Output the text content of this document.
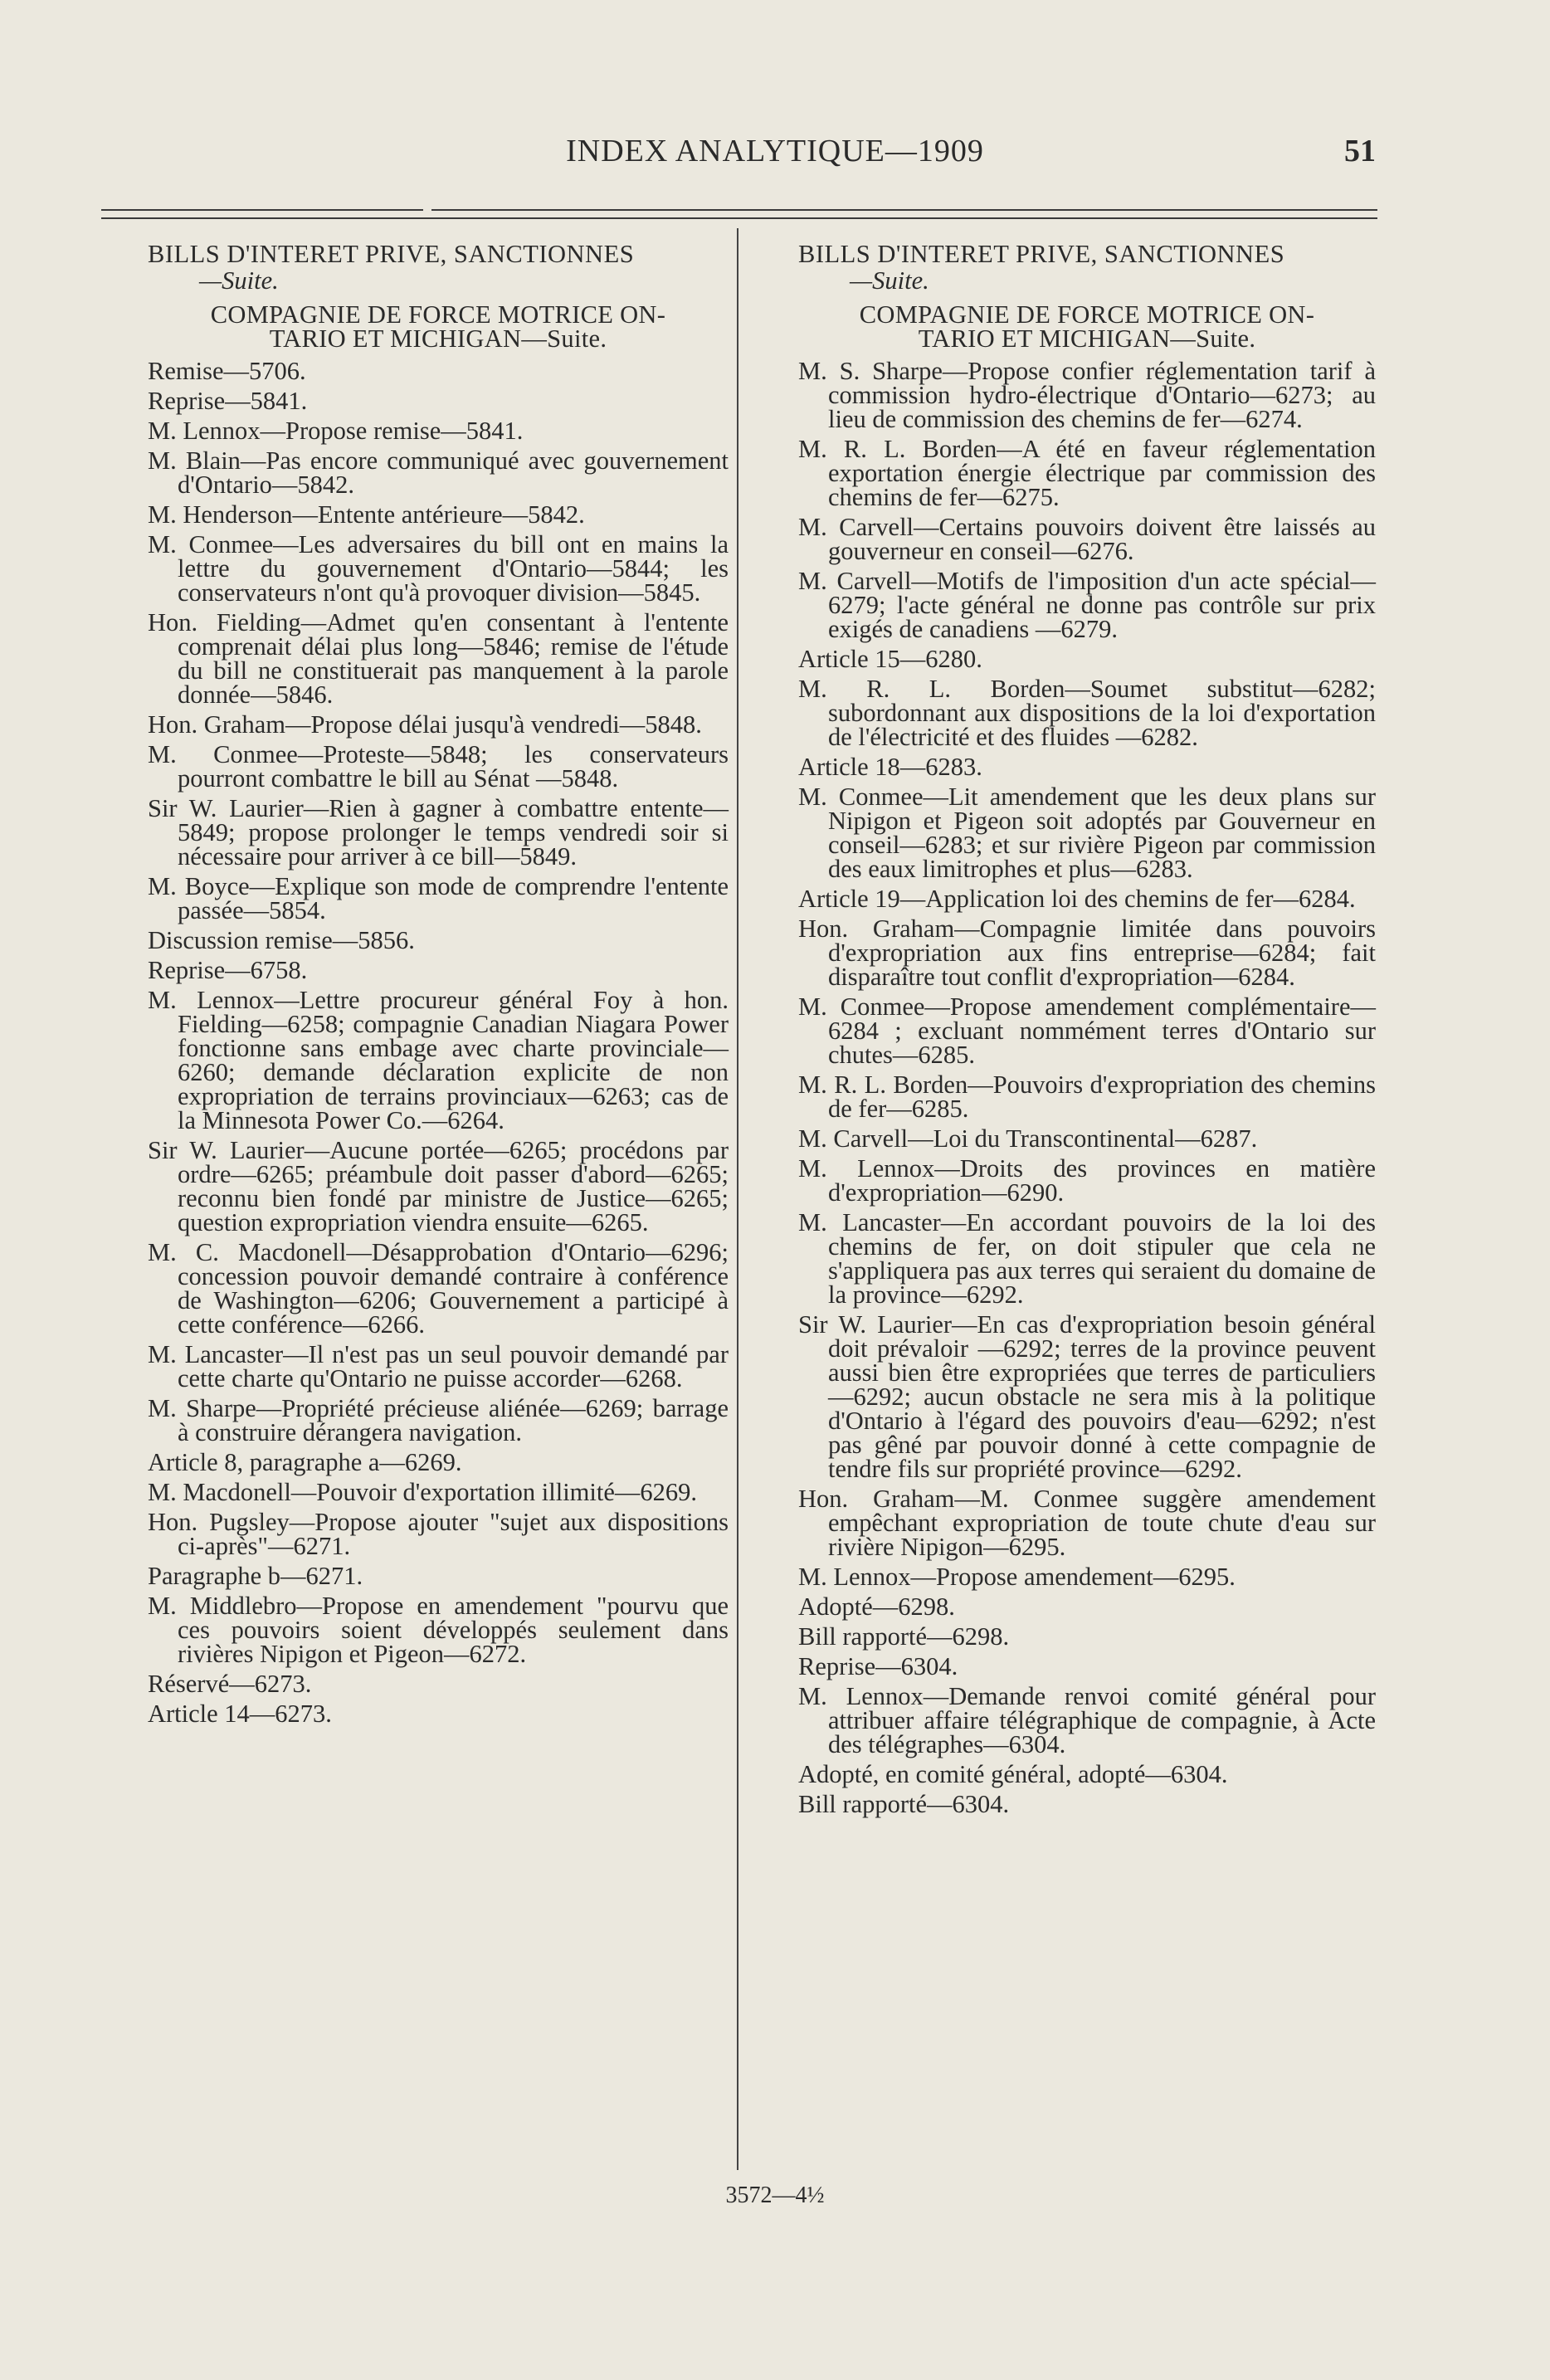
INDEX ANALYTIQUE—1909	51
BILLS D'INTERET PRIVE, SANCTIONNES
—Suite.
COMPAGNIE DE FORCE MOTRICE ON-
TARIO ET MICHIGAN—Suite.
Remise—5706.
Reprise—5841.
M. Lennox—Propose remise—5841.
M. Blain—Pas encore communiqué avec gouvernement d'Ontario—5842.
M. Henderson—Entente antérieure—5842.
M. Conmee—Les adversaires du bill ont en mains la lettre du gouvernement d'Ontario—5844; les conservateurs n'ont qu'à provoquer division—5845.
Hon. Fielding—Admet qu'en consentant à l'entente comprenait délai plus long—5846; remise de l'étude du bill ne constituerait pas manquement à la parole donnée—5846.
Hon. Graham—Propose délai jusqu'à vendredi—5848.
M. Conmee—Proteste—5848; les conservateurs pourront combattre le bill au Sénat —5848.
Sir W. Laurier—Rien à gagner à combattre entente—5849; propose prolonger le temps vendredi soir si nécessaire pour arriver à ce bill—5849.
M. Boyce—Explique son mode de comprendre l'entente passée—5854.
Discussion remise—5856.
Reprise—6758.
M. Lennox—Lettre procureur général Foy à hon. Fielding—6258; compagnie Canadian Niagara Power fonctionne sans embage avec charte provinciale—6260; demande déclaration explicite de non expropriation de terrains provinciaux—6263; cas de la Minnesota Power Co.—6264.
Sir W. Laurier—Aucune portée—6265; procédons par ordre—6265; préambule doit passer d'abord—6265; reconnu bien fondé par ministre de Justice—6265; question expropriation viendra ensuite—6265.
M. C. Macdonell—Désapprobation d'Ontario—6296; concession pouvoir demandé contraire à conférence de Washington—6206; Gouvernement a participé à cette conférence—6266.
M. Lancaster—Il n'est pas un seul pouvoir demandé par cette charte qu'Ontario ne puisse accorder—6268.
M. Sharpe—Propriété précieuse aliénée—6269; barrage à construire dérangera navigation.
Article 8, paragraphe a—6269.
M. Macdonell—Pouvoir d'exportation illimité—6269.
Hon. Pugsley—Propose ajouter "sujet aux dispositions ci-après"—6271.
Paragraphe b—6271.
M. Middlebro—Propose en amendement "pourvu que ces pouvoirs soient développés seulement dans rivières Nipigon et Pigeon—6272.
Réservé—6273.
Article 14—6273.
BILLS D'INTERET PRIVE, SANCTIONNES
—Suite.
COMPAGNIE DE FORCE MOTRICE ON-
TARIO ET MICHIGAN—Suite.
M. S. Sharpe—Propose confier réglementation tarif à commission hydro-électrique d'Ontario—6273; au lieu de commission des chemins de fer—6274.
M. R. L. Borden—A été en faveur réglementation exportation énergie électrique par commission des chemins de fer—6275.
M. Carvell—Certains pouvoirs doivent être laissés au gouverneur en conseil—6276.
M. Carvell—Motifs de l'imposition d'un acte spécial—6279; l'acte général ne donne pas contrôle sur prix exigés de canadiens —6279.
Article 15—6280.
M. R. L. Borden—Soumet substitut—6282; subordonnant aux dispositions de la loi d'exportation de l'électricité et des fluides —6282.
Article 18—6283.
M. Conmee—Lit amendement que les deux plans sur Nipigon et Pigeon soit adoptés par Gouverneur en conseil—6283; et sur rivière Pigeon par commission des eaux limitrophes et plus—6283.
Article 19—Application loi des chemins de fer—6284.
Hon. Graham—Compagnie limitée dans pouvoirs d'expropriation aux fins entreprise—6284; fait disparaître tout conflit d'expropriation—6284.
M. Conmee—Propose amendement complémentaire—6284 ; excluant nommément terres d'Ontario sur chutes—6285.
M. R. L. Borden—Pouvoirs d'expropriation des chemins de fer—6285.
M. Carvell—Loi du Transcontinental—6287.
M. Lennox—Droits des provinces en matière d'expropriation—6290.
M. Lancaster—En accordant pouvoirs de la loi des chemins de fer, on doit stipuler que cela ne s'appliquera pas aux terres qui seraient du domaine de la province—6292.
Sir W. Laurier—En cas d'expropriation besoin général doit prévaloir —6292; terres de la province peuvent aussi bien être expropriées que terres de particuliers—6292; aucun obstacle ne sera mis à la politique d'Ontario à l'égard des pouvoirs d'eau—6292; n'est pas gêné par pouvoir donné à cette compagnie de tendre fils sur propriété province—6292.
Hon. Graham—M. Conmee suggère amendement empêchant expropriation de toute chute d'eau sur rivière Nipigon—6295.
M. Lennox—Propose amendement—6295.
Adopté—6298.
Bill rapporté—6298.
Reprise—6304.
M. Lennox—Demande renvoi comité général pour attribuer affaire télégraphique de compagnie, à Acte des télégraphes—6304.
Adopté, en comité général, adopté—6304.
Bill rapporté—6304.
3572—4½
